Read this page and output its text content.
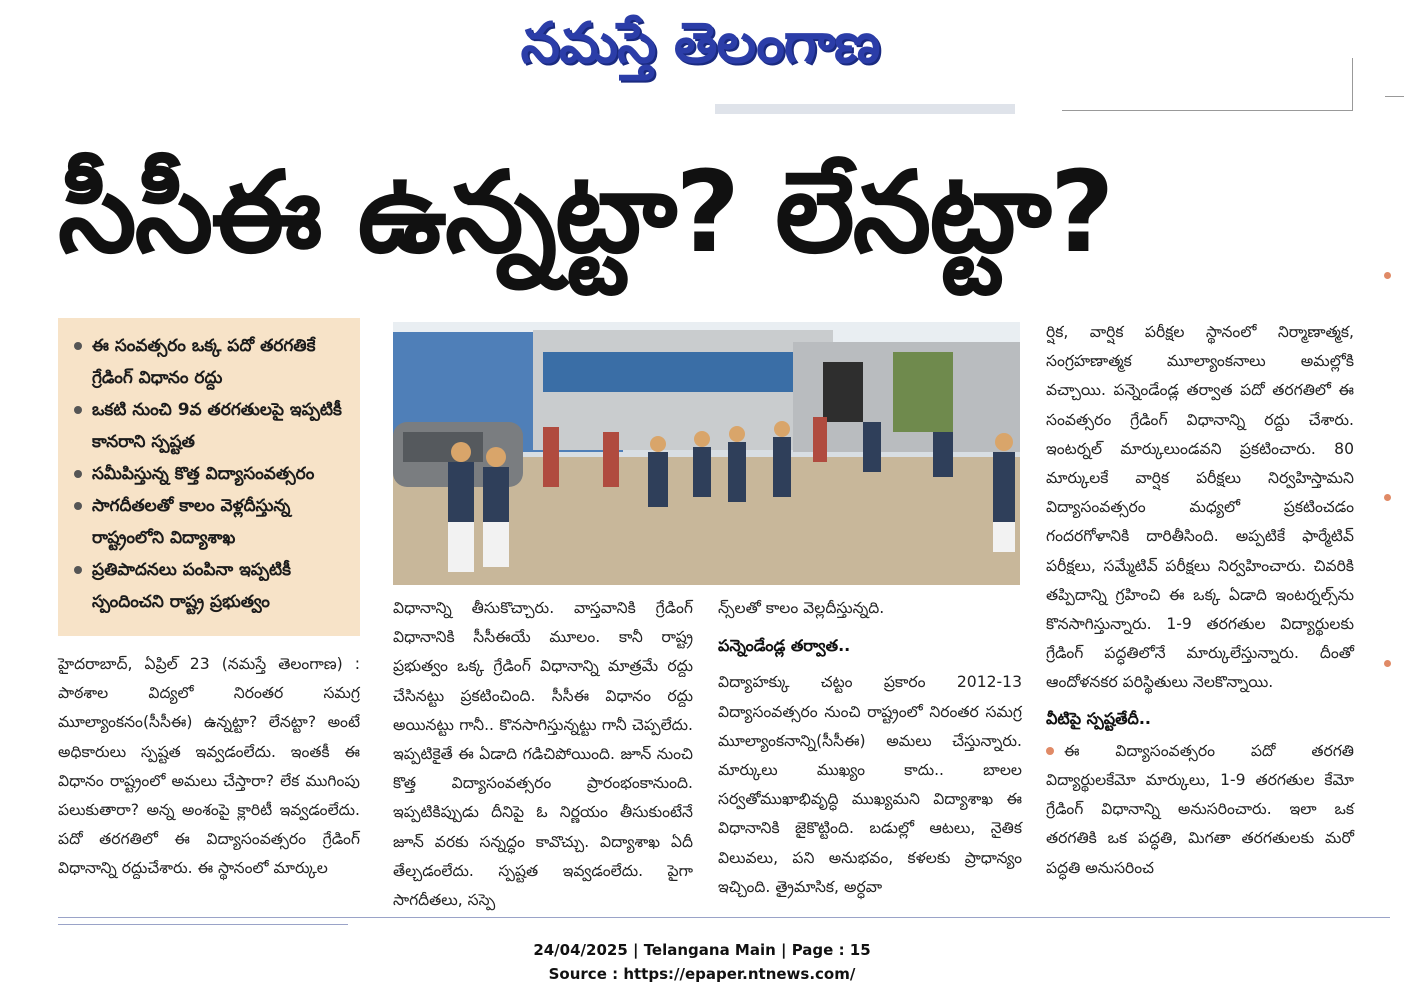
నమస్తే తెలంగాణ
సీసీఈ ఉన్నట్టా? లేనట్టా?
ఈ సంవత్సరం ఒక్క పదో తరగతికే గ్రేడింగ్ విధానం రద్దు
ఒకటి నుంచి 9వ తరగతులపై ఇప్పటికీ కానరాని స్పష్టత
సమీపిస్తున్న కొత్త విద్యాసంవత్సరం
సాగదీతలతో కాలం వెళ్లదీస్తున్న రాష్ట్రంలోని విద్యాశాఖ
ప్రతిపాదనలు పంపినా ఇప్పటికీ స్పందించని రాష్ట్ర ప్రభుత్వం

హైదరాబాద్, ఏప్రిల్ 23 (నమస్తే తెలంగాణ) : పాఠశాల విద్యలో నిరంతర సమగ్ర మూల్యాంకనం(సీసీఈ) ఉన్నట్టా? లేనట్టా? అంటే అధికారులు స్పష్టత ఇవ్వడంలేదు. ఇంతకీ ఈ విధానం రాష్ట్రంలో అమలు చేస్తారా? లేక ముగింపు పలుకుతారా? అన్న అంశంపై క్లారిటీ ఇవ్వడంలేదు. పదో తరగతిలో ఈ విద్యాసంవత్సరం గ్రేడింగ్ విధానాన్ని రద్దుచేశారు. ఈ స్థానంలో మార్కుల

విధానాన్ని తీసుకొచ్చారు. వాస్తవానికి గ్రేడింగ్ విధానానికి సీసీఈయే మూలం. కానీ రాష్ట్ర ప్రభుత్వం ఒక్క గ్రేడింగ్ విధానాన్ని మాత్రమే రద్దు చేసినట్టు ప్రకటించింది. సీసీఈ విధానం రద్దు అయినట్టు గానీ.. కొనసాగిస్తున్నట్టు గానీ చెప్పలేదు. ఇప్పటికైతే ఈ ఏడాది గడిచిపోయింది. జూన్ నుంచి కొత్త విద్యాసంవత్సరం ప్రారంభంకానుంది. ఇప్పటికిప్పుడు దీనిపై ఓ నిర్ణయం తీసుకుంటేనే జూన్ వరకు సన్నద్ధం కావొచ్చు. విద్యాశాఖ ఏదీ తేల్చడంలేదు. స్పష్టత ఇవ్వడంలేదు. పైగా సాగదీతలు, సస్పె

న్స్‌లతో కాలం వెల్లదీస్తున్నది.

పన్నెండేండ్ల తర్వాత..

విద్యాహక్కు చట్టం ప్రకారం 2012-13 విద్యాసంవత్సరం నుంచి రాష్ట్రంలో నిరంతర సమగ్ర మూల్యాంకనాన్ని(సీసీఈ) అమలు చేస్తున్నారు. మార్కులు ముఖ్యం కాదు.. బాలల సర్వతోముఖాభివృద్ధి ముఖ్యమని విద్యాశాఖ ఈ విధానానికి జైకొట్టింది. బడుల్లో ఆటలు, నైతిక విలువలు, పని అనుభవం, కళలకు ప్రాధాన్యం ఇచ్చింది. త్రైమాసిక, అర్ధవా

ర్షిక, వార్షిక పరీక్షల స్థానంలో నిర్మాణాత్మక, సంగ్రహణాత్మక మూల్యాంకనాలు అమల్లోకి వచ్చాయి. పన్నెండేండ్ల తర్వాత పదో తరగతిలో ఈ సంవత్సరం గ్రేడింగ్ విధానాన్ని రద్దు చేశారు. ఇంటర్నల్ మార్కులుండవని ప్రకటించారు. 80 మార్కులకే వార్షిక పరీక్షలు నిర్వహిస్తామని విద్యాసంవత్సరం మధ్యలో ప్రకటించడం గందరగోళానికి దారితీసింది. అప్పటికే ఫార్మేటివ్ పరీక్షలు, సమ్మేటివ్ పరీక్షలు నిర్వహించారు. చివరికి తప్పిదాన్ని గ్రహించి ఈ ఒక్క ఏడాది ఇంటర్నల్స్‌ను కొనసాగిస్తున్నారు. 1-9 తరగతుల విద్యార్థులకు గ్రేడింగ్ పద్ధతిలోనే మార్కులేస్తున్నారు. దీంతో ఆందోళనకర పరిస్థితులు నెలకొన్నాయి.

వీటిపై స్పష్టతేదీ..

ఈ విద్యాసంవత్సరం పదో తరగతి విద్యార్థులకేమో మార్కులు, 1-9 తరగతుల కేమో గ్రేడింగ్ విధానాన్ని అనుసరించారు. ఇలా ఒక తరగతికి ఒక పద్ధతి, మిగతా తరగతులకు మరో పద్ధతి అనుసరించ

24/04/2025 | Telangana Main | Page : 15
Source : https://epaper.ntnews.com/
